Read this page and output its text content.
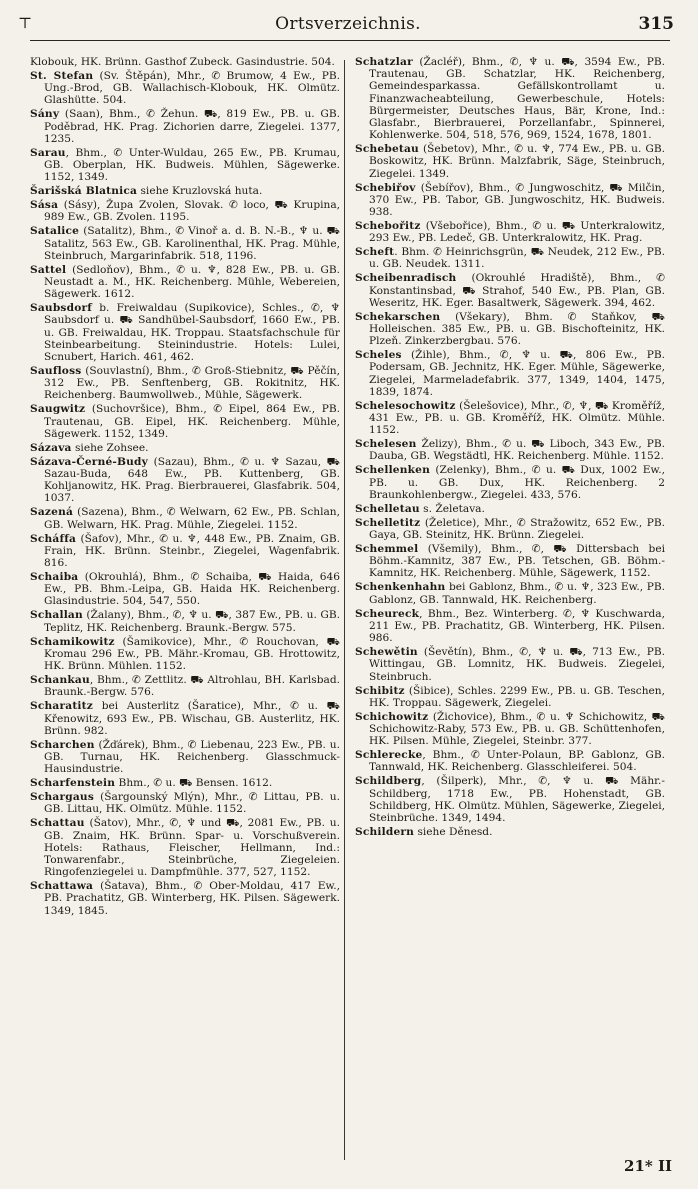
⊤	Ortsverzeichnis.	315

Klobouk, HK. Brünn. Gasthof Zubeck. Gasindustrie. 504.

St. Stefan (Sv. Štěpán), Mhr., ✆ Brumow, 4 Ew., PB. Ung.-Brod, GB. Wallachisch-Klobouk, HK. Olmütz. Glashütte. 504.

Sány (Saan), Bhm., ✆ Žehun. ⛟, 819 Ew., PB. u. GB. Poděbrad, HK. Prag. Zichorien darre, Ziegelei. 1377, 1235.

Sarau, Bhm., ✆ Unter-Wuldau, 265 Ew., PB. Krumau, GB. Oberplan, HK. Budweis. Mühlen, Sägewerke. 1152, 1349.

Šarišská Blatnica siehe Kruzlovská huta.

Sása (Sásy), Župa Zvolen, Slovak. ✆ loco, ⛟ Krupina, 989 Ew., GB. Zvolen. 1195.

Satalice (Satalitz), Bhm., ✆ Vinoř a. d. B. N.-B., ♆ u. ⛟ Satalitz, 563 Ew., GB. Karolinenthal, HK. Prag. Mühle, Steinbruch, Margarinfabrik. 518, 1196.

Sattel (Sedloňov), Bhm., ✆ u. ♆, 828 Ew., PB. u. GB. Neustadt a. M., HK. Reichenberg. Mühle, Webereien, Sägewerk. 1612.

Saubsdorf b. Freiwaldau (Supikovice), Schles., ✆, ♆ Saubsdorf u. ⛟ Sandhübel-Saubsdorf, 1660 Ew., PB. u. GB. Freiwaldau, HK. Troppau. Staatsfachschule für Steinbearbeitung. Steinindustrie. Hotels: Lulei, Scnubert, Harich. 461, 462.

Saufloss (Souvlastní), Bhm., ✆ Groß-Stiebnitz, ⛟ Pěčín, 312 Ew., PB. Senftenberg, GB. Rokitnitz, HK. Reichenberg. Baumwollweb., Mühle, Sägewerk.

Saugwitz (Suchovršice), Bhm., ✆ Eipel, 864 Ew., PB. Trautenau, GB. Eipel, HK. Reichenberg. Mühle, Sägewerk. 1152, 1349.

Sázava siehe Zohsee.

Sázava-Černé-Budy (Sazau), Bhm., ✆ u. ♆ Sazau, ⛟ Sazau-Buda, 648 Ew., PB. Kuttenberg, GB. Kohljanowitz, HK. Prag. Bierbrauerei, Glasfabrik. 504, 1037.

Sazená (Sazena), Bhm., ✆ Welwarn, 62 Ew., PB. Schlan, GB. Welwarn, HK. Prag. Mühle, Ziegelei. 1152.

Scháffa (Šafov), Mhr., ✆ u. ♆, 448 Ew., PB. Znaim, GB. Frain, HK. Brünn. Steinbr., Ziegelei, Wagenfabrik. 816.

Schaiba (Okrouhlá), Bhm., ✆ Schaiba, ⛟ Haida, 646 Ew., PB. Bhm.-Leipa, GB. Haida HK. Reichenberg. Glasindustrie. 504, 547, 550.

Schallan (Žalany), Bhm., ✆, ♆ u. ⛟, 387 Ew., PB. u. GB. Teplitz, HK. Reichenberg. Braunk.-Bergw. 575.

Schamikowitz (Šamikovice), Mhr., ✆ Rouchovan, ⛟ Kromau 296 Ew., PB. Mähr.-Kromau, GB. Hrottowitz, HK. Brünn. Mühlen. 1152.

Schankau, Bhm., ✆ Zettlitz. ⛟ Altrohlau, BH. Karlsbad. Braunk.-Bergw. 576.

Scharatitz bei Austerlitz (Šaratice), Mhr., ✆ u. ⛟ Křenowitz, 693 Ew., PB. Wischau, GB. Austerlitz, HK. Brünn. 982.

Scharchen (Žďárek), Bhm., ✆ Liebenau, 223 Ew., PB. u. GB. Turnau, HK. Reichenberg. Glasschmuck-Hausindustrie.

Scharfenstein Bhm., ✆ u. ⛟ Bensen. 1612.

Schargaus (Šargounský Mlýn), Mhr., ✆ Littau, PB. u. GB. Littau, HK. Olmütz. Mühle. 1152.

Schattau (Šatov), Mhr., ✆, ♆ und ⛟, 2081 Ew., PB. u. GB. Znaim, HK. Brünn. Spar- u. Vorschußverein. Hotels: Rathaus, Fleischer, Hellmann, Ind.: Tonwarenfabr., Steinbrüche, Ziegeleien. Ringofenziegelei u. Dampfmühle. 377, 527, 1152.

Schattawa (Šatava), Bhm., ✆ Ober-Moldau, 417 Ew., PB. Prachatitz, GB. Winterberg, HK. Pilsen. Sägewerk. 1349, 1845.

Schatzlar (Žacléř), Bhm., ✆, ♆ u. ⛟, 3594 Ew., PB. Trautenau, GB. Schatzlar, HK. Reichenberg, Gemeindesparkassa. Gefällskontrollamt u. Finanzwacheabteilung, Gewerbeschule, Hotels: Bürgermeister, Deutsches Haus, Bär, Krone, Ind.: Glasfabr., Bierbrauerei, Porzellanfabr., Spinnerei, Kohlenwerke. 504, 518, 576, 969, 1524, 1678, 1801.

Schebetau (Šebetov), Mhr., ✆ u. ♆, 774 Ew., PB. u. GB. Boskowitz, HK. Brünn. Malzfabrik, Säge, Steinbruch, Ziegelei. 1349.

Schebiřov (Šebířov), Bhm., ✆ Jungwoschitz, ⛟ Milčin, 370 Ew., PB. Tabor, GB. Jungwoschitz, HK. Budweis. 938.

Schebořitz (Všebořice), Bhm., ✆ u. ⛟ Unterkralowitz, 293 Ew., PB. Ledeč, GB. Unterkralowitz, HK. Prag.

Scheft. Bhm. ✆ Heinrichsgrün, ⛟ Neudek, 212 Ew., PB. u. GB. Neudek. 1311.

Scheibenradisch (Okrouhlé Hradiště), Bhm., ✆ Konstantinsbad, ⛟ Strahof, 540 Ew., PB. Plan, GB. Weseritz, HK. Eger. Basaltwerk, Sägewerk. 394, 462.

Schekarschen (Všekary), Bhm. ✆ Staňkov, ⛟ Holleischen. 385 Ew., PB. u. GB. Bischofteinitz, HK. Plzeň. Zinkerzbergbau. 576.

Scheles (Žihle), Bhm., ✆, ♆ u. ⛟, 806 Ew., PB. Podersam, GB. Jechnitz, HK. Eger. Mühle, Sägewerke, Ziegelei, Marmeladefabrik. 377, 1349, 1404, 1475, 1839, 1874.

Schelesochowitz (Šelešovice), Mhr., ✆, ♆, ⛟ Kroměříž, 431 Ew., PB. u. GB. Kroměříž, HK. Olmütz. Mühle. 1152.

Schelesen Želizy), Bhm., ✆ u. ⛟ Liboch, 343 Ew., PB. Dauba, GB. Wegstädtl, HK. Reichenberg. Mühle. 1152.

Schellenken (Zelenky), Bhm., ✆ u. ⛟ Dux, 1002 Ew., PB. u. GB. Dux, HK. Reichenberg. 2 Braunkohlenbergw., Ziegelei. 433, 576.

Schelletau s. Želetava.

Schelletitz (Želetice), Mhr., ✆ Stražowitz, 652 Ew., PB. Gaya, GB. Steinitz, HK. Brünn. Ziegelei.

Schemmel (Všemily), Bhm., ✆, ⛟ Dittersbach bei Böhm.-Kamnitz, 387 Ew., PB. Tetschen, GB. Böhm.-Kamnitz, HK. Reichenberg. Mühle, Sägewerk, 1152.

Schenkenhahn bei Gablonz, Bhm., ✆ u. ♆, 323 Ew., PB. Gablonz, GB. Tannwald, HK. Reichenberg.

Scheureck, Bhm., Bez. Winterberg. ✆, ♆ Kuschwarda, 211 Ew., PB. Prachatitz, GB. Winterberg, HK. Pilsen. 986.

Schewětin (Ševětín), Bhm., ✆, ♆ u. ⛟, 713 Ew., PB. Wittingau, GB. Lomnitz, HK. Budweis. Ziegelei, Steinbruch.

Schibitz (Šibice), Schles. 2299 Ew., PB. u. GB. Teschen, HK. Troppau. Sägewerk, Ziegelei.

Schichowitz (Žichovice), Bhm., ✆ u. ♆ Schichowitz, ⛟ Schichowitz-Raby, 573 Ew., PB. u. GB. Schüttenhofen, HK. Pilsen. Mühle, Ziegelei, Steinbr. 377.

Schlerecke, Bhm., ✆ Unter-Polaun, BP. Gablonz, GB. Tannwald, HK. Reichenberg. Glasschleiferei. 504.

Schildberg, (Šilperk), Mhr., ✆, ♆ u. ⛟ Mähr.-Schildberg, 1718 Ew., PB. Hohenstadt, GB. Schildberg, HK. Olmütz. Mühlen, Sägewerke, Ziegelei, Steinbrüche. 1349, 1494.

Schildern siehe Děnesd.

21* II
